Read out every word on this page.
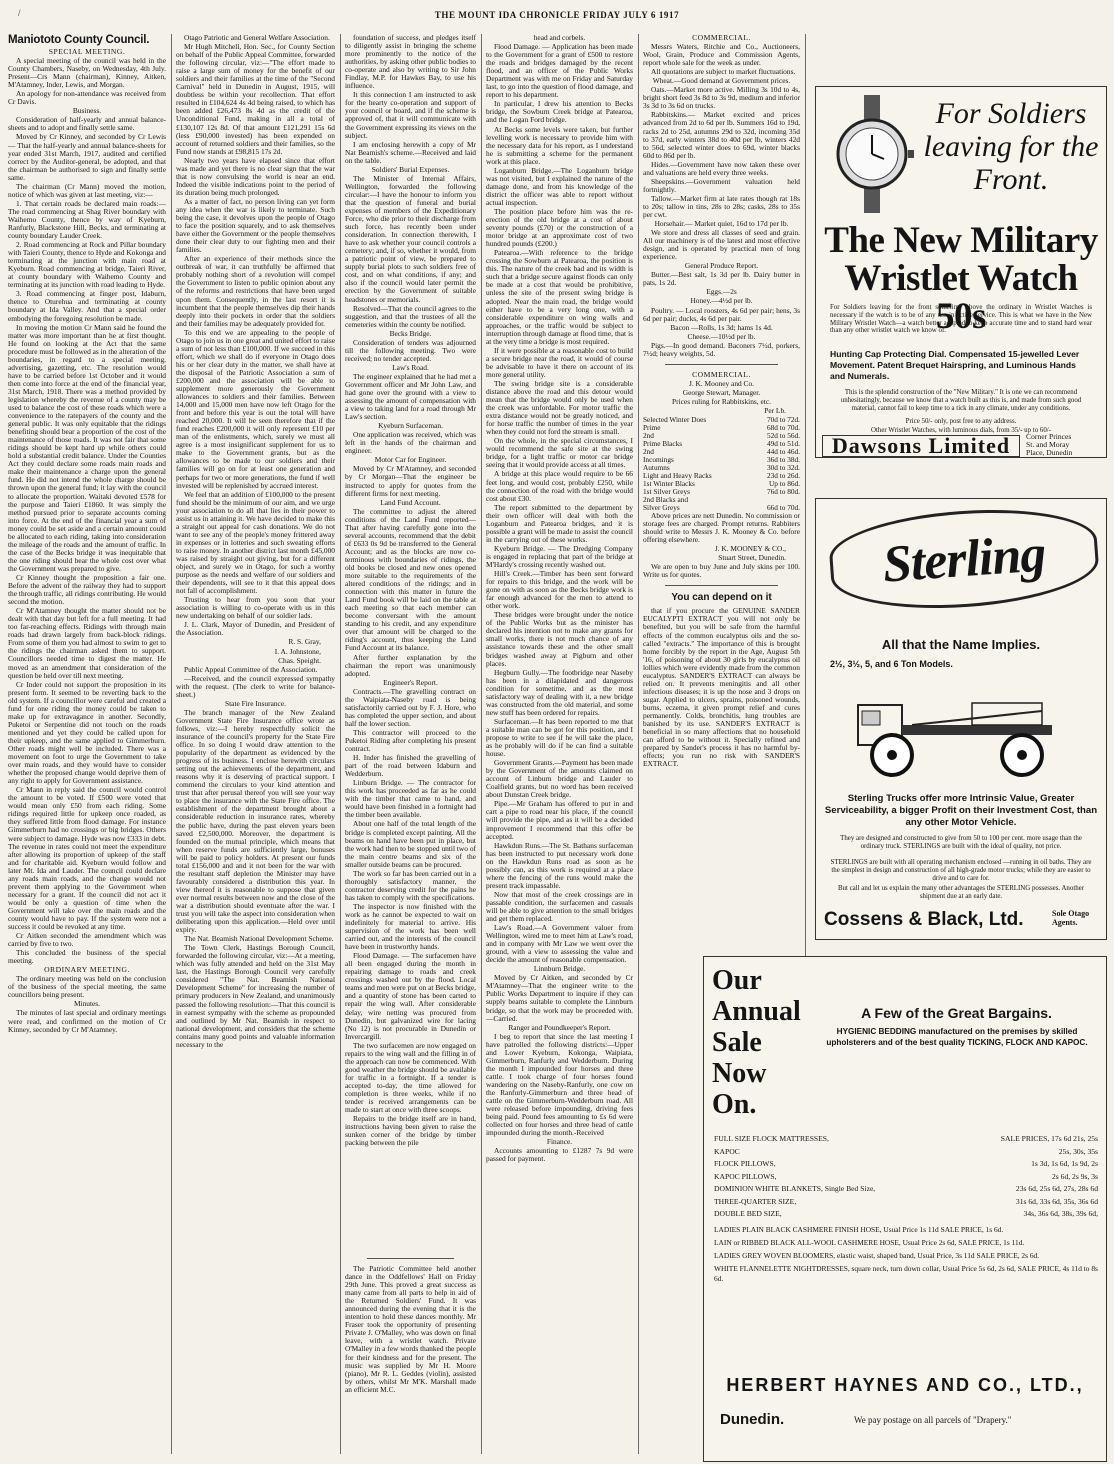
/	THE MOUNT IDA CHRONICLE FRIDAY JULY 6 1917

Maniototo County Council.

SPECIAL MEETING.

A special meeting of the council was held in the County Chambers, Naseby, on Wednesday, 4th July. Present—Crs Mann (chairman), Kinney, Aitken, M'Atamney, Inder, Lewis, and Morgan.

An apology for non-attendance was received from Cr Davis.

Business.

Consideration of half-yearly and annual balance-sheets and to adopt and finally settle same.

Moved by Cr Kinney, and seconded by Cr Lewis — That the half-yearly and annual balance-sheets for year ended 31st March, 1917, audited and certified correct by the Auditor-general, be adopted, and that the chairman be authorised to sign and finally settle same.

The chairman (Cr Mann) moved the motion, notice of which was given at last meeting, viz:—

1. That certain roads be declared main roads:—The road commencing at Shag River boundary with Waihemo County, thence by way of Kyeburn, Ranfurly, Blackstone Hill, Becks, and terminating at county boundary Lauder Creek.

2. Road commencing at Rock and Pillar boundary with Taieri County, thence to Hyde and Kokonga and terminating at the junction with main road at Kyeburn. Road commencing at bridge, Taieri River, at county boundary with Waihemo County and terminating at its junction with road leading to Hyde.

3. Road commencing at finger post, Idaburn, thence to Oturehua and terminating at county boundary at Ida Valley. And that a special order embodying the foregoing resolution be made.

In moving the motion Cr Mann said he found the matter was more important than he at first thought. He found on looking at the Act that the same procedure must be followed as in the alteration of the boundaries, in regard to a special meeting, advertising, gazetting, etc. The resolution would have to be carried before 1st October and it would then come into force at the end of the financial year, 31st March, 1918. There was a method provided by legislation whereby the revenue of a county may be used to balance the cost of these roads which were a convenience to the ratepayers of the county and the general public. It was only equitable that the ridings benefiting should bear a proportion of the cost of the maintenance of those roads. It was not fair that some ridings should be kept hard up while others could hold a substantial credit balance. Under the Counties Act they could declare some roads main roads and make their maintenance a charge upon the general fund. He did not intend the whole charge should be thrown upon the general fund; it lay with the council to allocate the proportion. Waitaki devoted £578 for the purpose and Taieri £1860. It was simply the method pursued prior to separate accounts coming into force. At the end of the financial year a sum of money could be set aside and a certain amount could be allocated to each riding, taking into consideration the mileage of the roads and the amount of traffic. In the case of the Becks bridge it was inequitable that the one riding should bear the whole cost over what the Government was prepared to give.

Cr Kinney thought the proposition a fair one. Before the advent of the railway they had to support the through traffic, all ridings contributing. He would second the motion.

Cr M'Atamney thought the matter should not be dealt with that day but left for a full meeting. It had too far-reaching effects. Ridings with through main roads had drawn largely from back-block ridings. From some of them you had almost to swim to get to the ridings the chairman asked them to support. Councillors needed time to digest the matter. He moved as an amendment that consideration of the question be held over till next meeting.

Cr Inder could not support the proposition in its present form. It seemed to be reverting back to the old system. If a councillor were careful and created a fund for one riding the money could be taken to make up for extravagance in another. Secondly, Puketoi or Serpentine did not touch on the roads mentioned and yet they could be called upon for their upkeep, and the same applied to Gimmerburn. Other roads might well be included. There was a movement on foot to urge the Government to take over main roads, and they would have to consider whether the proposed change would deprive them of any right to apply for Government assistance.

Cr Mann in reply said the council would control the amount to be voted. If £500 were voted that would mean only £50 from each riding. Some ridings required little for upkeep once roaded, as they suffered little from flood damage. For instance Gimmerburn had no crossings or big bridges. Others were subject to damage. Hyde was now £333 in debt. The revenue in rates could not meet the expenditure after allowing its proportion of upkeep of the staff and for charitable aid. Kyeburn would follow and later Mt. Ida and Lauder. The council could declare any roads main roads, and the change would not prevent them applying to the Government when necessary for a grant. If the council did not act it would be only a question of time when the Government will take over the main roads and the county would have to pay. If the system were not a success it could be revoked at any time.

Cr Aitken seconded the amendment which was carried by five to two.

This concluded the business of the special meeting.

ORDINARY MEETING.

The ordinary meeting was held on the conclusion of the business of the special meeting, the same councillors being present.

Minutes.

The minutes of last special and ordinary meetings were read, and confirmed on the motion of Cr Kinney, seconded by Cr M'Atamney.

Otago Patriotic and General Welfare Association.

Mr Hugh Mitchell, Hon. Sec., for County Section on behalf of the Public Appeal Committee, forwarded the following circular, viz:—"The effort made to raise a large sum of money for the benefit of our soldiers and their families at the time of the "Second Carnival" held in Dunedin in August, 1915, will doubtless be within your recollection. That effort resulted in £104,624 4s 4d being raised, to which has been added £26,473 8s 4d as the credit of the Unconditional Fund, making in all a total of £130,107 12s 8d. Of that amount £121,291 15s 6d (less £90,000 invested) has been expended on account of returned soldiers and their families, so the Fund now stands at £98,815 17s 2d.

Nearly two years have elapsed since that effort was made and yet there is no clear sign that the war that is now convulsing the world is near an end. Indeed the visible indications point to the period of its duration being much prolonged.

As a matter of fact, no person living can yet form any idea when the war is likely to terminate. Such being the case, it devolves upon the people of Otago to face the position squarely, and to ask themselves have either the Government or the people themselves done their clear duty to our fighting men and their families.

After an experience of their methods since the outbreak of war, it can truthfully be affirmed that probably nothing short of a revolution will compel the Government to listen to public opinion about any of the reforms and restrictions that have been urged upon them. Consequently, in the last resort it is incumbent that the people themselves dip their hands deeply into their pockets in order that the soldiers and their families may be adequately provided for.

To this end we are appealing to the people of Otago to join us in one great and united effort to raise a sum of not less than £100,000. If we succeed in this effort, which we shall do if everyone in Otago does his or her clear duty in the matter, we shall have at the disposal of the Patriotic Association a sum of £200,000 and the association will be able to supplement more generously the Government allowances to soldiers and their families. Between 14,000 and 15,000 men have now left Otago for the front and before this year is out the total will have reached 20,000. It will be seen therefore that if the fund reaches £200,000 it will only represent £10 per man of the enlistments, which, surely we must all agree is a most insignificant supplement for us to make to the Government grants, but as the allowances to be made to our soldiers and their families will go on for at least one generation and perhaps for two or more generations, the fund if well invested will be replenished by accrued interest.

We feel that an addition of £100,000 to the present fund should be the minimum of our aim, and we urge your association to do all that lies in their power to assist us in attaining it. We have decided to make this a straight out appeal for cash donations. We do not want to see any of the people's money frittered away in expenses or in lotteries and such sweating efforts to raise money. In another district last month £45,000 was raised by straight out giving, but for a different object, and surely we in Otago, for such a worthy purpose as the needs and welfare of our soldiers and their dependents, will see to it that this appeal does not fall of accomplishment.

Trusting to hear from you soon that your association is willing to co-operate with us in this new undertaking on behalf of our soldier lads.

J. L. Clark, Mayor of Dunedin, and President of the Association.

R. S. Gray,

I. A. Johnstone,

Chas. Speight.

Public Appeal Committee of the Association.

—Received, and the council expressed sympathy with the request. (The clerk to write for balance-sheet.)

State Fire Insurance.

The branch manager of the New Zealand Government State Fire Insurance office wrote as follows, viz:—I hereby respectfully solicit the insurance of the council's property for the State Fire office. In so doing I would draw attention to the popularity of the department as evidenced by the progress of its business. I enclose herewith circulars setting out the achievements of the department, and reasons why it is deserving of practical support. I commend the circulars to your kind attention and trust that after perusal thereof you will see your way to place the insurance with the State Fire office. The establishment of the department brought about a considerable reduction in insurance rates, whereby the public have, during the past eleven years been saved £2,500,000. Moreover, the department is founded on the mutual principle, which means that when reserve funds are sufficiently large, bonuses will be paid to policy holders. At present our funds total £156,000 and and it not been for the war with the resultant staff depletion the Minister may have favourably considered a distribution this year. In view thereof it is reasonable to suppose that given ever normal results between now and the close of the war a distribution should eventuate after the war. I trust you will take the aspect into consideration when deliberating upon this application.—Held over until expiry.

The Nat. Beamish National Development Scheme.

The Town Clerk, Hastings Borough Council, forwarded the following circular, viz:—At a meeting, which was fully attended and held on the 31st May last, the Hastings Borough Council very carefully considered "The Nat. Beamish National Development Scheme" for increasing the number of primary producers in New Zealand, and unanimously passed the following resolution:—That this council is in earnest sympathy with the scheme as propounded and outlined by Mr Nat. Beamish in respect to national development, and considers that the scheme contains many good points and valuable information necessary to the

foundation of success, and pledges itself to diligently assist in bringing the scheme more prominently to the notice of the authorities, by asking other public bodies to co-operate and also by writing to Sir John Findlay, M.P. for Hawkes Bay, to use his influence.

It this connection I am instructed to ask for the hearty co-operation and support of your council or board, and if the scheme is approved of, that it will communicate with the Government expressing its views on the subject.

I am enclosing herewith a copy of Mr Nat Beamish's scheme.—Received and laid on the table.

Soldiers' Burial Expenses.

The Minister of Internal Affairs, Wellington, forwarded the following circular:—I have the honour to inform you that the question of funeral and burial expenses of members of the Expeditionary Force, who die prior to their discharge from such force, has recently been under consideration. In connection therewith, I have to ask whether your council controls a cemetery; and, if so, whether it would, from a patriotic point of view, be prepared to supply burial plots to such soldiers free of cost, and on what conditions, if any; and also if the council would later permit the erection by the Government of suitable headstones or memorials.

Resolved—That the council agrees to the suggestion, and that the trustees of all the cemeteries within the county be notified.

Becks Bridge.

Consideration of tenders was adjourned till the following meeting. Two were received; no tender accepted.

Law's Road.

The engineer explained that he had met a Government officer and Mr John Law, and had gone over the ground with a view to assessing the amount of compensation with a view to taking land for a road through Mr Law's section.

Kyeburn Surfaceman.

One application was received, which was left in the hands of the chairman and engineer.

Motor Car for Engineer.

Moved by Cr M'Atamney, and seconded by Cr Morgan—That the engineer be instructed to apply for quotes from the different firms for next meeting.

Land Fund Account.

The committee to adjust the altered conditions of the Land Fund reported—That after having carefully gone into the several accounts, recommend that the debit of £633 0s 9d be transferred to the General Account; and as the blocks are now co-terminous with boundaries of ridings, the old books be closed and new ones opened more suitable to the requirements of the altered conditions of the ridings; and in connection with this matter in future the Land Fund book will be laid on the table at each meeting so that each member can become conversant with the amount standing to his credit, and any expenditure over that amount will be charged to the riding's account, thus keeping the Land Fund Account at its balance.

After further explanation by the chairman the report was unanimously adopted.

Engineer's Report.

Contracts.—The gravelling contract on the Waipiata-Naseby road is being satisfactorily carried out by F. J. Hore, who has completed the upper section, and about half the lower section.

This contractor will proceed to the Puketoi Riding after completing his present contract.

H. Inder has finished the gravelling of part of the road between Idaburn and Wedderburn.

Linburn Bridge. — The contractor for this work has proceeded as far as he could with the timber that came to hand, and would have been finished in a fortnight had the timber been available.

About one half of the total length of the bridge is completed except painting. All the beams on hand have been put in place, but the work had then to be stopped until two of the main centre beams and six of the smaller outside beams can be procured.

The work so far has been carried out in a thoroughly satisfactory manner, the contractor deserving credit for the pains he has taken to comply with the specifications.

The inspector is now finished with the work as he cannot be expected to wait on indefinitely for material to arrive. His supervision of the work has been well carried out, and the interests of the council have been in trustworthy hands.

Flood Damage. — The surfacemen have all been engaged during the month in repairing damage to roads and creek crossings washed out by the flood. Local teams and men were put on at Becks bridge, and a quantity of stone has been carted to repair the wing wall. After considerable delay, wire netting was procured from Dunedin, but galvanized wire for lacing (No 12) is not procurable in Dunedin or Invercargill.

The two surfacemen are now engaged on repairs to the wing wall and the filling in of the approach can now be commenced. With good weather the bridge should be available for traffic in a fortnight. If a tender is accepted to-day, the time allowed for completion is three weeks, while if no tender is received arrangements can be made to start at once with three scoops.

Repairs to the bridge itself are in hand, instructions having been given to raise the sunken corner of the bridge by timber packing between the pile

The Patriotic Committee held another dance in the Oddfellows' Hall on Friday 29th June. This proved a great success as many came from all parts to help in aid of the Returned Soldiers' Fund. It was announced during the evening that it is the intention to hold these dances monthly. Mr Fraser took the opportunity of presenting Private J. O'Malley, who was down on final leave, with a wristlet watch. Private O'Malley in a few words thanked the people for their kindness and for the present. The music was supplied by Mr H. Moore (piano), Mr R. L. Geddes (violin), assisted by others, whilst Mr M'K. Marshall made an efficient M.C.

head and corbels.

Flood Damage. — Application has been made to the Government for a grant of £500 to restore the roads and bridges damaged by the recent flood, and an officer of the Public Works Department was with me on Friday and Saturday last, to go into the question of flood damage, and report to his department.

In particular, I drew his attention to Becks bridge, the Sowburn Creek bridge at Patearoa, and the Logan Ford bridge.

At Becks some levels were taken, but further levelling work is necessary to provide him with the necessary data for his report, as I understand he is submitting a scheme for the permanent work at this place.

Loganburn Bridge.—The Loganburn bridge was not visited, but I explained the nature of the damage done, and from his knowledge of the district the officer was able to report without actual inspection.

The position place before him was the re-erection of the old bridge at a cost of about seventy pounds (£70) or the construction of a motor bridge at an approximate cost of two hundred pounds (£200.)

Patearoa.—With reference to the bridge crossing the Sowburn at Patearoa, the position is this. The nature of the creek bad and its width is such that a bridge secure against floods can only be made at a cost that would be prohibitive, unless the site of the present swing bridge is adopted. Near the main road, the bridge would either have to be a very long one, with a considerable expenditure on wing walls and approaches, or the traffic would be subject to interruption through damage at flood time, that is at the very time a bridge is most required.

If it were possible at a reasonable cost to build a secure bridge near the road, it would of course be advisable to have it there on account of its more general utility.

The swing bridge site is a considerable distance above the road and this detour would mean that the bridge would only be used when the creek was unfordable. For motor traffic the extra distance would not be greatly noticed, and for horse traffic the number of times in the year when they could not ford the stream is small.

On the whole, in the special circumstances, I would recommend the safe site at the swing bridge, for a light traffic or motor car bridge seeing that it would provide access at all times.

A bridge at this place would require to be 66 feet long, and would cost, probably £250, while the connection of the road with the bridge would cost about £30.

The report submitted to the department by their own officer will deal with both the Loganburn and Patearoa bridges, and it is possible a grant will be made to assist the council in the carrying out of these works.

Kyeburn Bridge. — The Dredging Company is engaged in replacing that part of the bridge at M'Hardy's crossing recently washed out.

Hill's Creek.—Timber has been sent forward for repairs to this bridge, and the work will be gone on with as soon as the Becks bridge work is far enough advanced for the men to attend to other work.

These bridges were brought under the notice of the Public Works but as the minister has declared his intention not to make any grants for small works, there is not much chance of any assistance towards these and the other small bridges washed away at Pigburn and other places.

Hegburn Gully.—The footbridge near Naseby has been in a dilapidated and dangerous condition for sometime, and as the most satisfactory way of dealing with it, a new bridge was constructed from the old material, and some new stuff has been ordered for repairs.

Surfaceman.—It has been reported to me that a suitable man can be got for this position, and I propose to write to see if he will take the place, as he probably will do if he can find a suitable house.

Government Grants.—Payment has been made by the Government of the amounts claimed on account of Linburn bridge and Lauder to Coalfield grants, but no word has been received about Dunstan Creek bridge.

Pipe.—Mr Graham has offered to put in and cart a pipe to road near his place, if the council will provide the pipe, and as it will be a decided improvement I recommend that this offer be accepted.

Hawkdun Runs.—The St. Bathans surfaceman has been instructed to put necessary work done on the Hawkdun Runs road as soon as he possibly can, as this work is required at a place where the fencing of the runs would make the present track impassable.

Now that most of the creek crossings are in passable condition, the surfacemen and casuals will be able to give attention to the small bridges and get them replaced.

Law's Road.—A Government valuer from Wellington, wired me to meet him at Law's road, and in company with Mr Law we went over the ground, with a view to assessing the value and decide the amount of reasonable compensation.

Linnburn Bridge.

Moved by Cr Aitken, and seconded by Cr M'Atamney—That the engineer write to the Public Works Department to inquire if they can supply beams suitable to complete the Linnburn bridge, so that the work may be proceeded with.—Carried.

Ranger and Poundkeeper's Report.

I beg to report that since the last meeting I have patrolled the following districts:—Upper and Lower Kyeburn, Kokonga, Waipiata, Gimmerburn, Ranfurly and Wedderburn. During the month I impounded four horses and three cattle. I took charge of four horses found wandering on the Naseby-Ranfurly, one cow on the Ranfurly-Gimmerburn and three head of cattle on the Gimmerburn-Wedderburn road. All were released before impounding, driving fees being paid. Pound fees amounting to £s 6d were collected on four horses and three head of cattle impounded during the month.-Received

Finance.

Accounts amounting to £1287 7s 9d were passed for payment.

COMMERCIAL.

Messrs Waters, Ritchie and Co., Auctioneers, Wool, Grain, Produce and Commission Agents, report whole sale for the week as under.

All quotations are subject to market fluctuations.

Wheat.—Good demand at Government prices.

Oats.—Market more active. Milling 3s 10d to 4s, bright short feed 3s 8d to 3s 9d, medium and inferior 3s 3d to 3s 6d on trucks.

Rabbitskins.— Market excited and prices advanced from 2d to 6d per lb. Summers 16d to 19d, racks 2d to 25d, autumns 29d to 32d, incoming 35d to 37d, early winters 38d to 40d per lb, winters 42d to 56d, selected winter does to 69d, winter blacks 60d to 86d per lb.

Hides.—Government have now taken these over and valuations are held every three weeks.

Sheepskins.—Government valuation held fortnightly.

Tallow.—Market firm at late rates though rat 18s to 20s; tallow in tins, 28s to 28s; casks, 28s to 35s per cwt.

Horsehair.— Market quiet, 16d to 17d per lb.

We store and dress all classes of seed and grain. All our machinery is of the latest and most effective design, and is operated by practical men of long experience.

General Produce Report.

Butter.—Best salt, 1s 3d per lb. Dairy butter in pats, 1s 2d.

Eggs.—2s

Honey.—4½d per lb.

Poultry. — Local roosters, 4s 6d per pair; hens, 3s 6d per pair; ducks, 4s 6d per pair.

Bacon —Rolls, 1s 3d; hams 1s 4d.

Cheese.—10½d per lb.

Pigs.—In good demand. Baconers 7½d, porkers, 7½d; heavy weights, 5d.

COMMERCIAL.

J. K. Mooney and Co.

George Stewart, Manager.

Prices ruling for Rabbitskins, etc.

Per Lb.

Selected Winter Does	70d to 72d.
Prime	68d to 70d.
2nd	52d to 56d.
Prime Blacks	49d to 51d.
2nd	44d to 46d.
Incomings	36d to 38d.
Autumns	30d to 32d.
Light and Heavy Racks	23d to 26d.
1st Winter Blacks	Up to 86d.
1st Silver Greys	76d to 80d.
2nd Blacks and	
Silver Greys	66d to 70d.

Above prices are nett Dunedin. No commission or storage fees are charged. Prompt returns. Rabbiters should write to Messrs J. K. Mooney & Co. before offering elsewhere.

J. K. MOONEY & CO.,

Stuart Street, Dunedin.

We are open to buy June and July skins per 100. Write us for quotes.

You can depend on it

that if you procure the GENUINE SANDER EUCALYPTI EXTRACT you will not only be benefited, but you will be safe from the harmful effects of the common eucalyptus oils and the so-called "extracts." The importance of this is brought home forcibly by the report in the Age, August 5th '16, of poisoning of about 30 girls by eucalyptus oil lollies which were evidently made from the common eucalyptus. SANDER'S EXTRACT can always be relied on. It prevents meningitis and all other infectious diseases; it is up the nose and 3 drops on sugar. Applied to ulcers, sprains, poisoned wounds, burns, eczema, it given prompt relief and cures permanently. Colds, bronchitis, lung troubles are banished by its use. SANDER'S EXTRACT is beneficial in so many affections that no household can afford to be without it. Specially refined and prepared by Sander's process it has no harmful by-effects; you run no risk with SANDER'S EXTRACT.

For Soldiers leaving for the Front.
The New Military Wristlet Watch 50s
For Soldiers leaving for the front sometime above the ordinary in Wristlet Watches is necessary if the watch is to be of any use in active service. This is what we have in the New Military Wristlet Watch—a watch better adapted to keep accurate time and to stand hard wear than any other wristlet watch we know of.
Hunting Cap Protecting Dial. Compensated 15-jewelled Lever Movement. Patent Brequet Hairspring, and Luminous Hands and Numerals.
This is the splendid construction of the "New Military." It is one we can recommend unhesitatingly, because we know that a watch built as this is, and made from such good material, cannot fail to keep time to a tick in any climate, under any conditions.
Price 50/- only, post free to any address.
Other Wristlet Watches, with luminous dials, from 35/- up to 60/-
Dawsons Limited	Corner Princes
St. and Moray
Place, Dunedin
Sterling
All that the Name Implies.
2½, 3½, 5, and 6 Ton Models.
Sterling Trucks offer more Intrinsic Value, Greater Serviceability, a bigger Profit on their Investment Cost, than any other Motor Vehicle.
They are designed and constructed to give from 50 to 100 per cent. more usage than the ordinary truck. STERLINGS are built with the ideal of quality, not price.
STERLINGS are built with all operating mechanism enclosed —running in oil baths. They are the simplest in design and construction of all high-grade motor trucks; while they are easier to drive and to care for.
But call and let us explain the many other advantages the STERLING possesses. Another shipment due at an early date.
Cossens & Black, Ltd.	Sole Otago Agents.
Our
Annual
Sale
Now
On.
A Few of the Great Bargains.
HYGIENIC BEDDING manufactured on the premises by skilled upholsterers and of the best quality TICKING, FLOCK AND KAPOC.
FULL SIZE FLOCK MATTRESSES,	SALE PRICES, 17s 6d 21s, 25s
KAPOC	25s, 30s, 35s
FLOCK PILLOWS,	1s 3d, 1s 6d, 1s 9d, 2s
KAPOC PILLOWS,	2s 6d, 2s 9s, 3s
DOMINION WHITE BLANKETS, Single Bed Size,	23s 6d, 25s 6d, 27s, 28s 6d
THREE-QUARTER SIZE,	31s 6d, 33s 6d, 35s, 36s 6d
DOUBLE BED SIZE,	34s, 36s 6d, 38s, 39s 6d,
LADIES PLAIN BLACK CASHMERE FINISH HOSE, Usual Price 1s 11d SALE PRICE, 1s 6d.
LAIN or RIBBED BLACK ALL-WOOL CASHMERE HOSE, Usual Price 2s 6d, SALE PRICE, 1s 11d.
LADIES GREY WOVEN BLOOMERS, elastic waist, shaped band, Usual Price, 3s 11d SALE PRICE, 2s 6d.
WHITE FLANNELETTE NIGHTDRESSES, square neck, turn down collar, Usual Price 5s 6d, 2s 6d, SALE PRICE, 4s 11d to 8s 6d.
HERBERT HAYNES AND CO., LTD.,
Dunedin.	We pay postage on all parcels of "Drapery."
